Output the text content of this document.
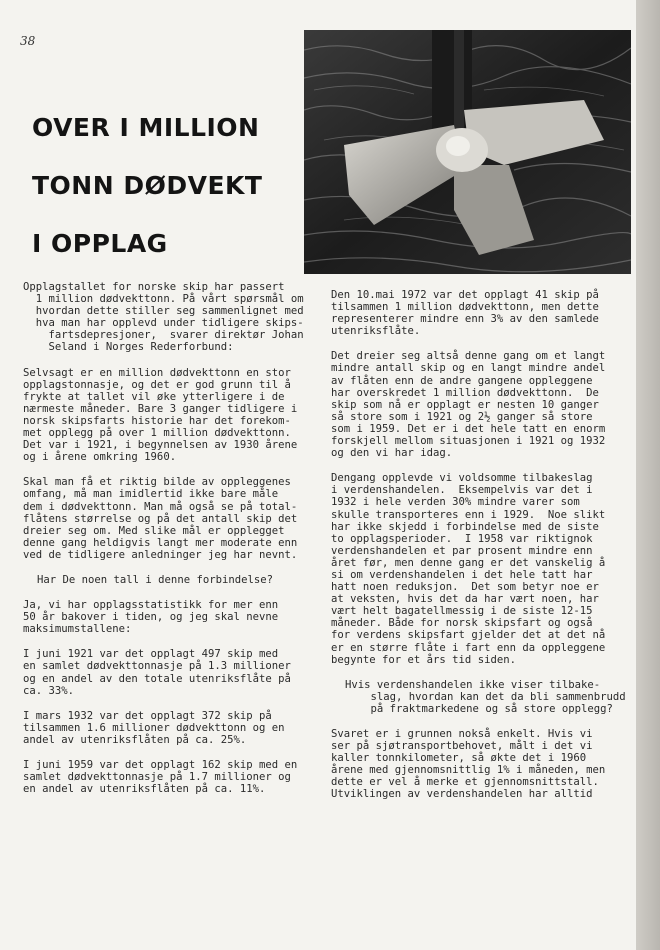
38
OVER I MILLION
TONN DØDVEKT
I OPPLAG

Opplagstallet for norske skip har passert
1 million dødvekttonn. På vårt spørsmål om
hvordan dette stiller seg sammenlignet med
hva man har opplevd under tidligere skips-
fartsdepresjoner,  svarer direktør Johan
Seland i Norges Rederforbund:

Selvsagt er en million dødvekttonn en stor
opplagstonnasje, og det er god grunn til å
frykte at tallet vil øke ytterligere i de
nærmeste måneder. Bare 3 ganger tidligere i
norsk skipsfarts historie har det forekom-
met opplegg på over 1 million dødvekttonn.
Det var i 1921, i begynnelsen av 1930 årene
og i årene omkring 1960.

Skal man få et riktig bilde av oppleggenes
omfang, må man imidlertid ikke bare måle
dem i dødvekttonn. Man må også se på total-
flåtens størrelse og på det antall skip det
dreier seg om. Med slike mål er opplegget
denne gang heldigvis langt mer moderate enn
ved de tidligere anledninger jeg har nevnt.

Har De noen tall i denne forbindelse?

Ja, vi har opplagsstatistikk for mer enn
50 år bakover i tiden, og jeg skal nevne
maksimumstallene:

I juni 1921 var det opplagt 497 skip med
en samlet dødvekttonnasje på 1.3 millioner
og en andel av den totale utenriksflåte på
ca. 33%.

I mars 1932 var det opplagt 372 skip på
tilsammen 1.6 millioner dødvekttonn og en
andel av utenriksflåten på ca. 25%.

I juni 1959 var det opplagt 162 skip med en
samlet dødvekttonnasje på 1.7 millioner og
en andel av utenriksflåten på ca. 11%.

Den 10.mai 1972 var det opplagt 41 skip på
tilsammen 1 million dødvekttonn, men dette
representerer mindre enn 3% av den samlede
utenriksflåte.

Det dreier seg altså denne gang om et langt
mindre antall skip og en langt mindre andel
av flåten enn de andre gangene oppleggene
har overskredet 1 million dødvekttonn.  De
skip som nå er opplagt er nesten 10 ganger
så store som i 1921 og 2½ ganger så store
som i 1959. Det er i det hele tatt en enorm
forskjell mellom situasjonen i 1921 og 1932
og den vi har idag.

Dengang opplevde vi voldsomme tilbakeslag
i verdenshandelen.  Eksempelvis var det i
1932 i hele verden 30% mindre varer som
skulle transporteres enn i 1929.  Noe slikt
har ikke skjedd i forbindelse med de siste
to opplagsperioder.  I 1958 var riktignok
verdenshandelen et par prosent mindre enn
året før, men denne gang er det vanskelig å
si om verdenshandelen i det hele tatt har
hatt noen reduksjon.  Det som betyr noe er
at veksten, hvis det da har vært noen, har
vært helt bagatellmessig i de siste 12-15
måneder. Både for norsk skipsfart og også
for verdens skipsfart gjelder det at det nå
er en større flåte i fart enn da oppleggene
begynte for et års tid siden.

Hvis verdenshandelen ikke viser tilbake-
slag, hvordan kan det da bli sammenbrudd
på fraktmarkedene og så store opplegg?

Svaret er i grunnen nokså enkelt. Hvis vi
ser på sjøtransportbehovet, målt i det vi
kaller tonnkilometer, så økte det i 1960
årene med gjennomsnittlig 1% i måneden, men
dette er vel å merke et gjennomsnittstall.
Utviklingen av verdenshandelen har alltid
